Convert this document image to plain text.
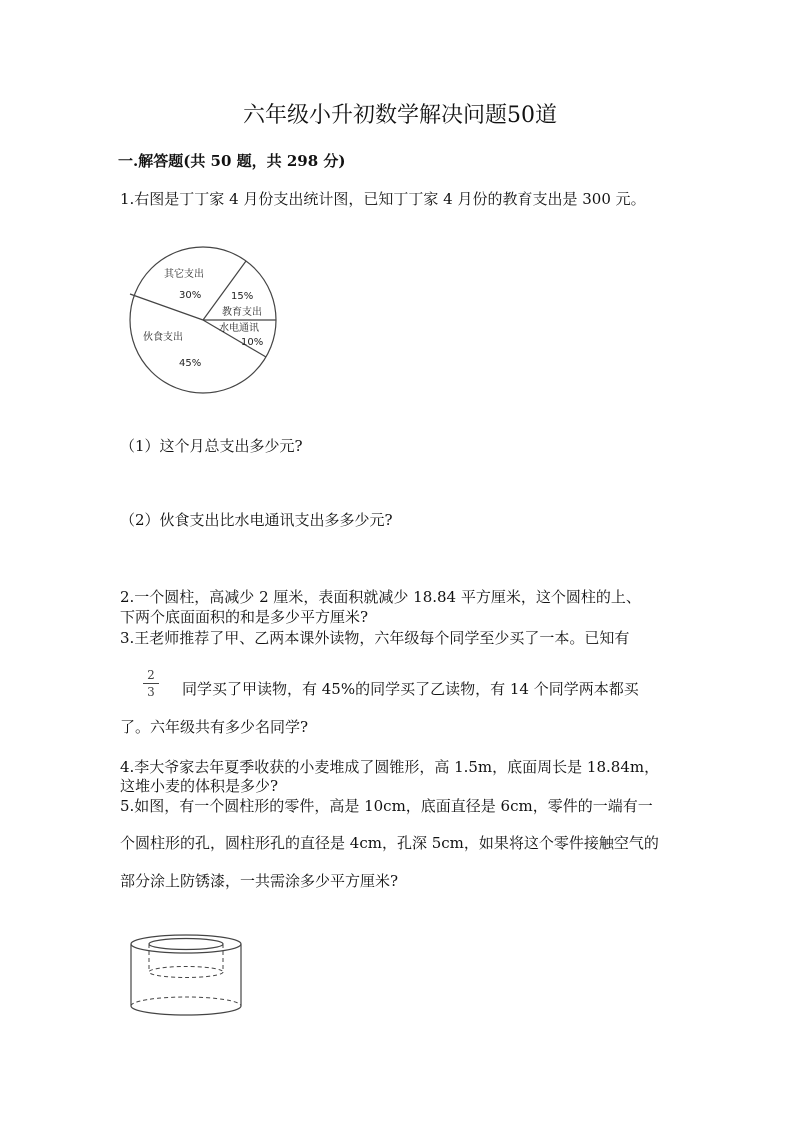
六年级小升初数学解决问题50道
一.解答题(共 50 题，共 298 分)
1.右图是丁丁家 4 月份支出统计图，已知丁丁家 4 月份的教育支出是 300 元。
其它支出
30%	15%
教育支出
水电通讯
10%
伙食支出
45%
（1）这个月总支出多少元?
（2）伙食支出比水电通讯支出多多少元?
2.一个圆柱，高减少 2 厘米，表面积就减少 18.84 平方厘米，这个圆柱的上、
下两个底面面积的和是多少平方厘米?
3.王老师推荐了甲、乙两本课外读物，六年级每个同学至少买了一本。已知有
2
3 同学买了甲读物，有 45%的同学买了乙读物，有 14 个同学两本都买
了。六年级共有多少名同学?
4.李大爷家去年夏季收获的小麦堆成了圆锥形，高 1.5m，底面周长是 18.84m，
这堆小麦的体积是多少?
5.如图，有一个圆柱形的零件，高是 10cm，底面直径是 6cm，零件的一端有一
个圆柱形的孔，圆柱形孔的直径是 4cm，孔深 5cm，如果将这个零件接触空气的
部分涂上防锈漆，一共需涂多少平方厘米?
